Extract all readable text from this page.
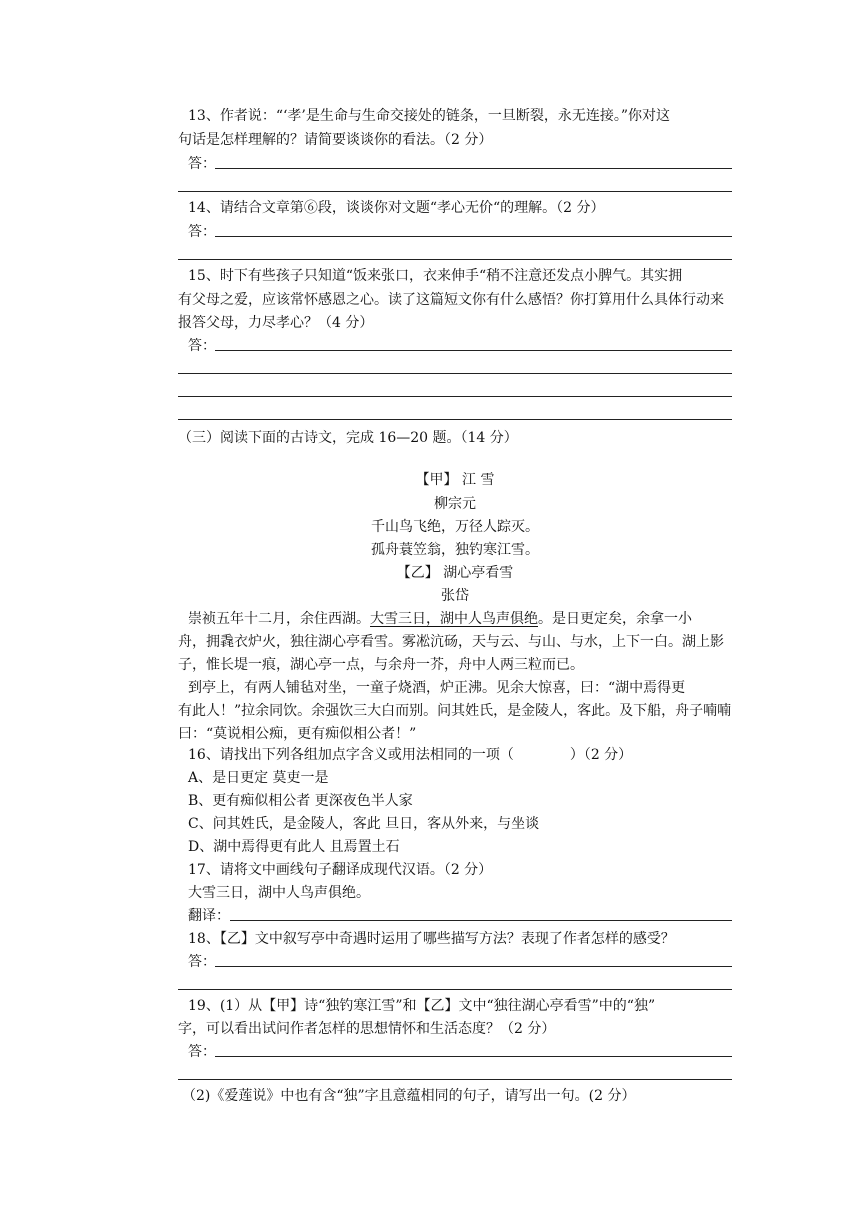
13、作者说：“‘孝’是生命与生命交接处的链条，一旦断裂，永无连接。”你对这
句话是怎样理解的？请简要谈谈你的看法。（2 分）
答：
14、请结合文章第⑥段，谈谈你对文题“孝心无价“的理解。（2 分）
答：
15、时下有些孩子只知道“饭来张口，衣来伸手“稍不注意还发点小脾气。其实拥
有父母之爱，应该常怀感恩之心。读了这篇短文你有什么感悟？你打算用什么具体行动来
报答父母，力尽孝心？（4 分）
答：
（三）阅读下面的古诗文，完成 16—20 题。（14 分）
【甲】 江 雪
柳宗元
千山鸟飞绝，万径人踪灭。
孤舟蓑笠翁，独钓寒江雪。
【乙】 湖心亭看雪
张岱
崇祯五年十二月，余住西湖。大雪三日，湖中人鸟声俱绝。是日更定矣，余拿一小
舟，拥毳衣炉火，独往湖心亭看雪。雾凇沆砀，天与云、与山、与水，上下一白。湖上影
子，惟长堤一痕，湖心亭一点，与余舟一芥，舟中人两三粒而已。
到亭上，有两人铺毡对坐，一童子烧酒，炉正沸。见余大惊喜，曰：“湖中焉得更
有此人！”拉余同饮。余强饮三大白而别。问其姓氏，是金陵人，客此。及下船，舟子喃喃
曰：“莫说相公痴，更有痴似相公者！”
16、请找出下列各组加点字含义或用法相同的一项（　　　　）（2 分）
A、是日更定 莫吏一是
B、更有痴似相公者 更深夜色半人家
C、问其姓氏，是金陵人，客此 旦日，客从外来，与坐谈
D、湖中焉得更有此人 且焉置土石
17、请将文中画线句子翻译成现代汉语。（2 分）
大雪三日，湖中人鸟声俱绝。
翻译：
18、【乙】文中叙写亭中奇遇时运用了哪些描写方法？表现了作者怎样的感受？
答：
19、(1）从【甲】诗“独钓寒江雪”和【乙】文中“独往湖心亭看雪”中的“独”
字，可以看出试问作者怎样的思想情怀和生活态度？（2 分）
答：
（2)《爱莲说》中也有含“独”字且意蕴相同的句子，请写出一句。(2 分）
